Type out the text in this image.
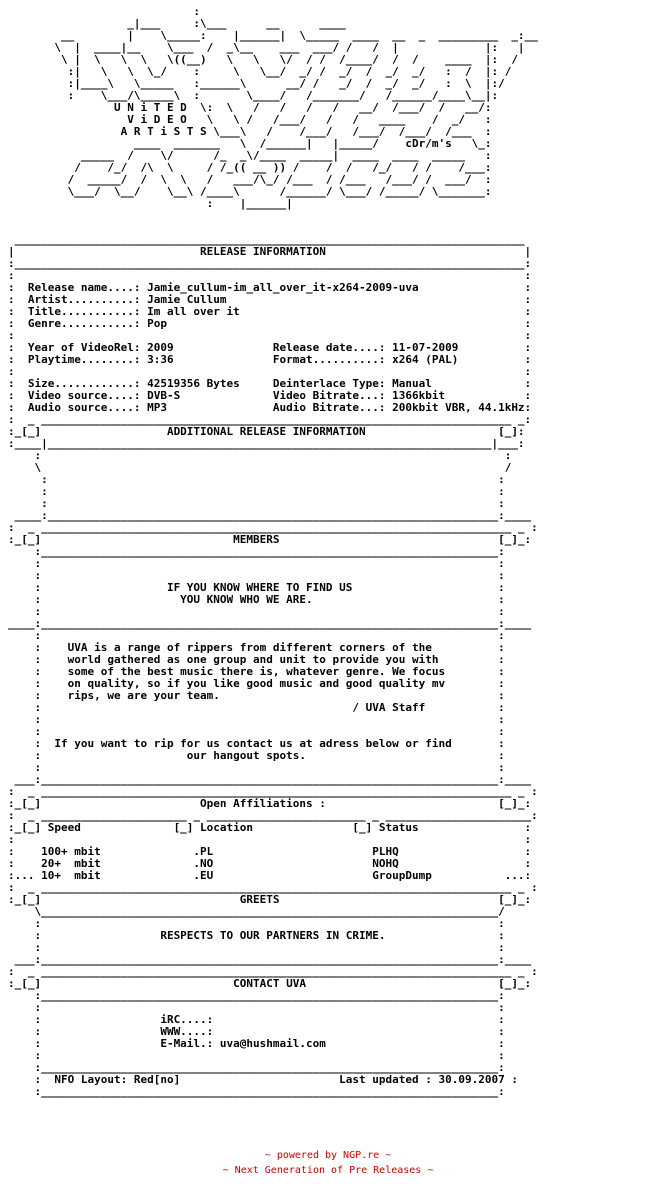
:
_|___     :\___      __      ____
__        |    \_____:    |______|  \_____  ____  __  _  _________  _:__
\  |  ____|__    \___  /  _\__    ___  ___/ /   /  |             |:   |
\ |  \   \  \   \((__)   \   \   \/  / /  /____/  /  /    ____  |:  /
:|   \   \  \_/    :     \   \__/  _/ /  _/  /  _/  _/   :  /  |: /
:|____\   \_____   :______\      __/ /   _/  /  _/  _/   :  \  |:/
:    \___/\_____\  :       \____/   /_______/   /______/____\__|:
U N i T E D  \:  \   /   /   /   /   __/  /___/  /   __/:
V i D E O   \   \ /   /___/   /   /   ____    /  _/   :
A R T i S T S \___\   /    /___/   /___/  /___/  /___  :
____  _______   \  /______|   |_____/    cDr/m's   \_:
_____  /    \/      /_  _\/____  _____|  ____  ____  _____   :
/    /_/  /\  \     / /_(( __ )) /    /  /   /_/   / /    /___:
/  _____/  /  \  \   /   ___/\_/ /___  / /___   /___/ /  ___/  :
\___/  \__/    \__\ /____\      /______/ \___/ /_____/ \_______:
:    |______|

_____________________________________________________________________________
|                            RELEASE INFORMATION                              |
:_____________________________________________________________________________:
:                                                                             :
:  Release name....: Jamie_cullum-im_all_over_it-x264-2009-uva                :
:  Artist..........: Jamie Cullum                                             :
:  Title...........: Im all over it                                           :
:  Genre...........: Pop                                                      :
:                                                                             :
:  Year of VideoRel: 2009               Release date....: 11-07-2009          :
:  Playtime........: 3:36               Format..........: x264 (PAL)          :
:                                                                             :
:  Size............: 42519356 Bytes     Deinterlace Type: Manual              :
:  Video source....: DVB-S              Video Bitrate...: 1366kbit            :
:  Audio source....: MP3                Audio Bitrate...: 200kbit VBR, 44.1kHz:
:  _ _______________________________________________________________________ _:
:_[_]                   ADDITIONAL RELEASE INFORMATION                    [_]:
:____|___________________________________________________________________|___:
:                                                                      :
\                                                                      /
:                                                                    :
:                                                                    :
:                                                                    :
____:____________________________________________________________________:____
:  _ _______________________________________________________________________ _ :
:_[_]                             MEMBERS                                 [_]_:
:_____________________________________________________________________:
:                                                                     :
:                                                                     :
:                   IF YOU KNOW WHERE TO FIND US                      :
:                     YOU KNOW WHO WE ARE.                            :
:                                                                     :
____:_____________________________________________________________________:____
:                                                                     :
:    UVA is a range of rippers from different corners of the          :
:    world gathered as one group and unit to provide you with         :
:    some of the best music there is, whatever genre. We focus        :
:    on quality, so if you like good music and good quality mv        :
:    rips, we are your team.                                          :
:                                               / UVA Staff           :
:                                                                     :
:                                                                     :
:  If you want to rip for us contact us at adress below or find       :
:                      our hangout spots.                             :
:                                                                     :
___:_____________________________________________________________________:____
:  _ _______________________________________________________________________ _ :
:_[_]                        Open Affiliations :                          [_]_:
:  _ ______________________ _ ________________________ _ ______________________:
:_[_] Speed              [_] Location               [_] Status                :
:                                                                             :
:    100+ mbit              .PL                        PLHQ                   :
:    20+  mbit              .NO                        NOHQ                   :
:... 10+  mbit              .EU                        GroupDump           ...:
:  _ _______________________________________________________________________ _ :
:_[_]                              GREETS                                 [_]_:
\_____________________________________________________________________/
:                                                                     :
:                  RESPECTS TO OUR PARTNERS IN CRIME.                 :
:                                                                     :
___:_____________________________________________________________________:____
:  _ _______________________________________________________________________ _ :
:_[_]                             CONTACT UVA                             [_]_:
:_____________________________________________________________________:
:                                                                     :
:                  iRC....:                                           :
:                  WWW....:                                           :
:                  E-Mail.: uva@hushmail.com                          :
:                                                                     :
:_____________________________________________________________________:
:  NFO Layout: Red[no]                        Last updated : 30.09.2007 :
:_____________________________________________________________________:
~ powered by NGP.re ~
~ Next Generation of Pre Releases ~
